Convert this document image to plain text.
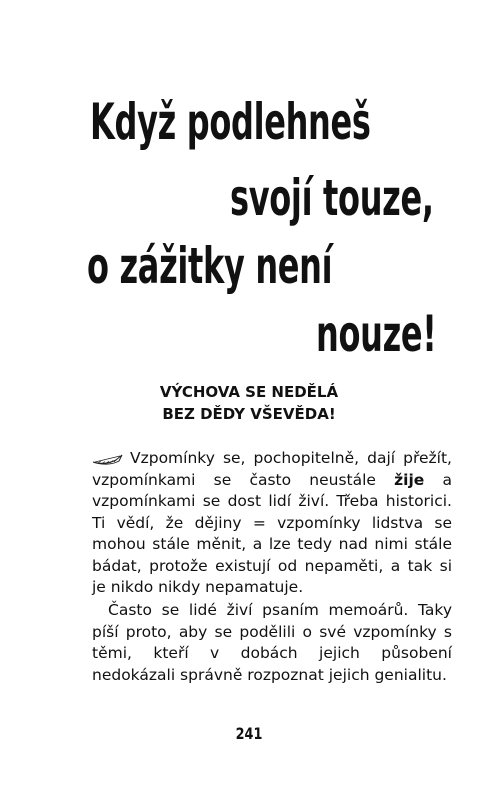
Když podlehneš
svojí touze,
o zážitky není
nouze!
VÝCHOVA SE NEDĚLÁ
BEZ DĚDY VŠEVĚDA!

Vzpomínky se, pochopitelně, dají přežít, vzpomínkami se často neustále žije a vzpomínkami se dost lidí živí. Třeba historici. Ti vědí, že dějiny = vzpomínky lidstva se mohou stále měnit, a lze tedy nad nimi stále bádat, protože existují od nepaměti, a tak si je nikdo nikdy nepamatuje.

Často se lidé živí psaním memoárů. Taky píší proto, aby se podělili o své vzpomínky s těmi, kteří v dobách jejich působení nedokázali správně rozpoznat jejich genialitu.

241
